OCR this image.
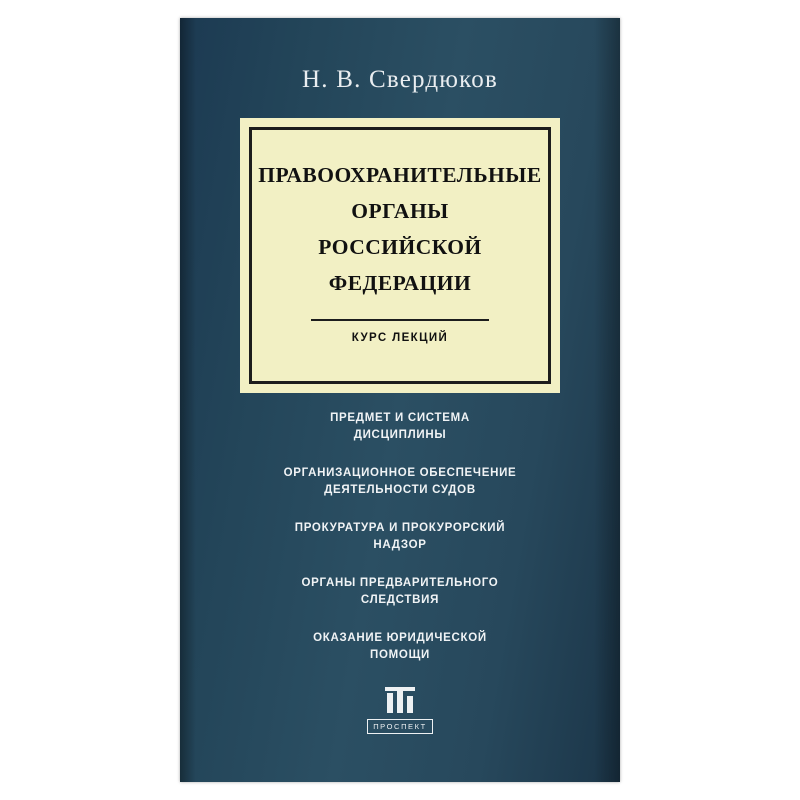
Н. В. Свердюков
ПРАВООХРАНИТЕЛЬНЫЕ
ОРГАНЫ
РОССИЙСКОЙ
ФЕДЕРАЦИИ
КУРС ЛЕКЦИЙ
ПРЕДМЕТ И СИСТЕМА
ДИСЦИПЛИНЫ
ОРГАНИЗАЦИОННОЕ ОБЕСПЕЧЕНИЕ
ДЕЯТЕЛЬНОСТИ СУДОВ
ПРОКУРАТУРА И ПРОКУРОРСКИЙ
НАДЗОР
ОРГАНЫ ПРЕДВАРИТЕЛЬНОГО
СЛЕДСТВИЯ
ОКАЗАНИЕ ЮРИДИЧЕСКОЙ
ПОМОЩИ
ПРОСПЕКТ
